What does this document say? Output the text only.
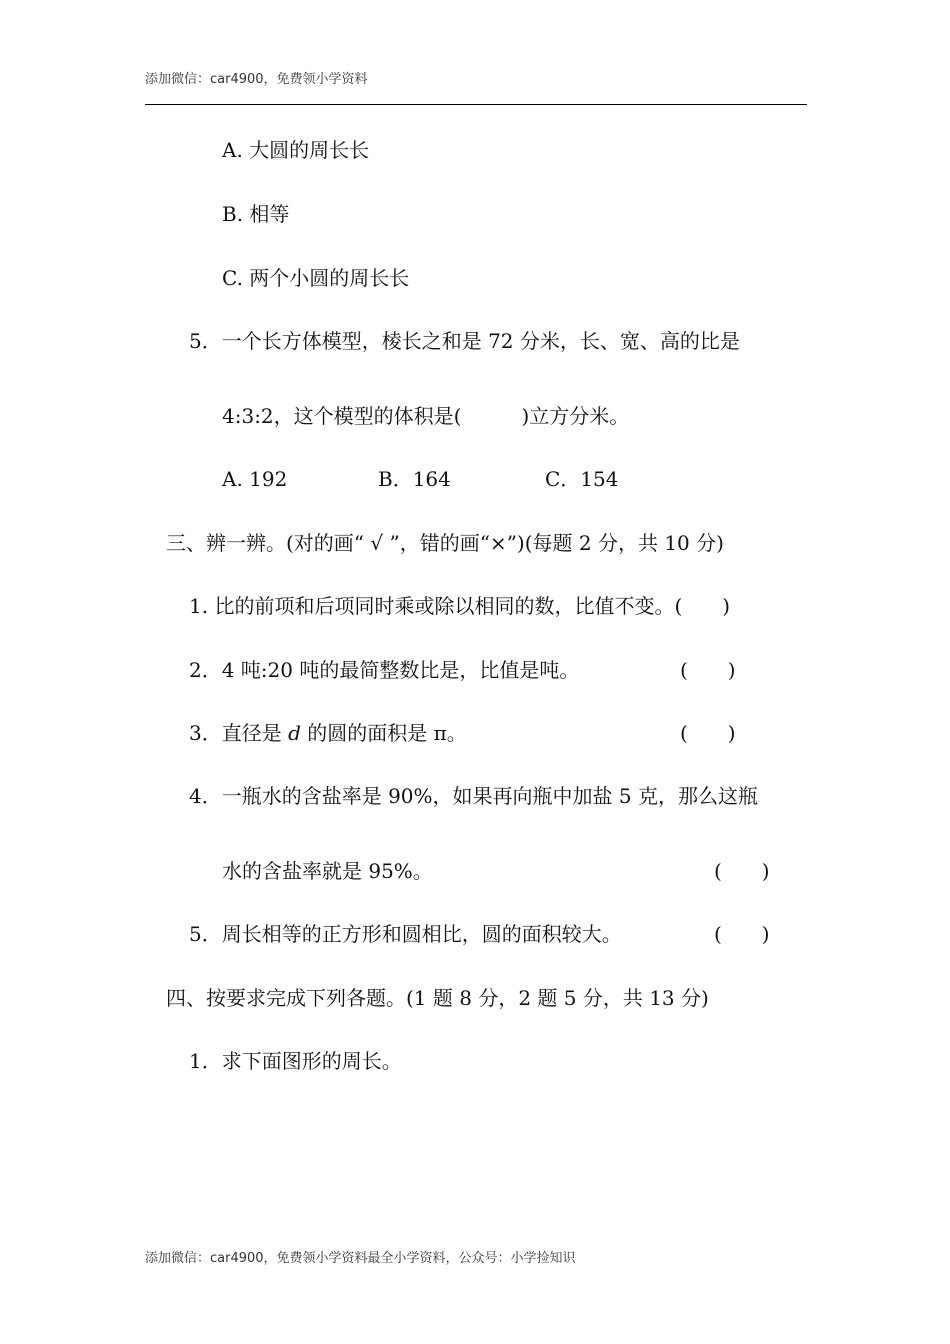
添加微信：car4900，免费领小学资料
A. 大圆的周长长
B. 相等
C. 两个小圆的周长长
5．一个长方体模型，棱长之和是 72 分米，长、宽、高的比是
4:3:2，这个模型的体积是(　　　)立方分米。
A. 192	B．164	C．154
三、辨一辨。(对的画“ √ ”，错的画“×”)(每题 2 分，共 10 分)
1. 比的前项和后项同时乘或除以相同的数，比值不变。(　　)
2．4 吨:20 吨的最简整数比是，比值是吨。	(　　)
3．直径是 d 的圆的面积是 π。	(　　)
4．一瓶水的含盐率是 90%，如果再向瓶中加盐 5 克，那么这瓶
水的含盐率就是 95%。	(　　)
5．周长相等的正方形和圆相比，圆的面积较大。	(　　)
四、按要求完成下列各题。(1 题 8 分，2 题 5 分，共 13 分)
1．求下面图形的周长。
添加微信：car4900，免费领小学资料最全小学资料，公众号：小学捡知识
